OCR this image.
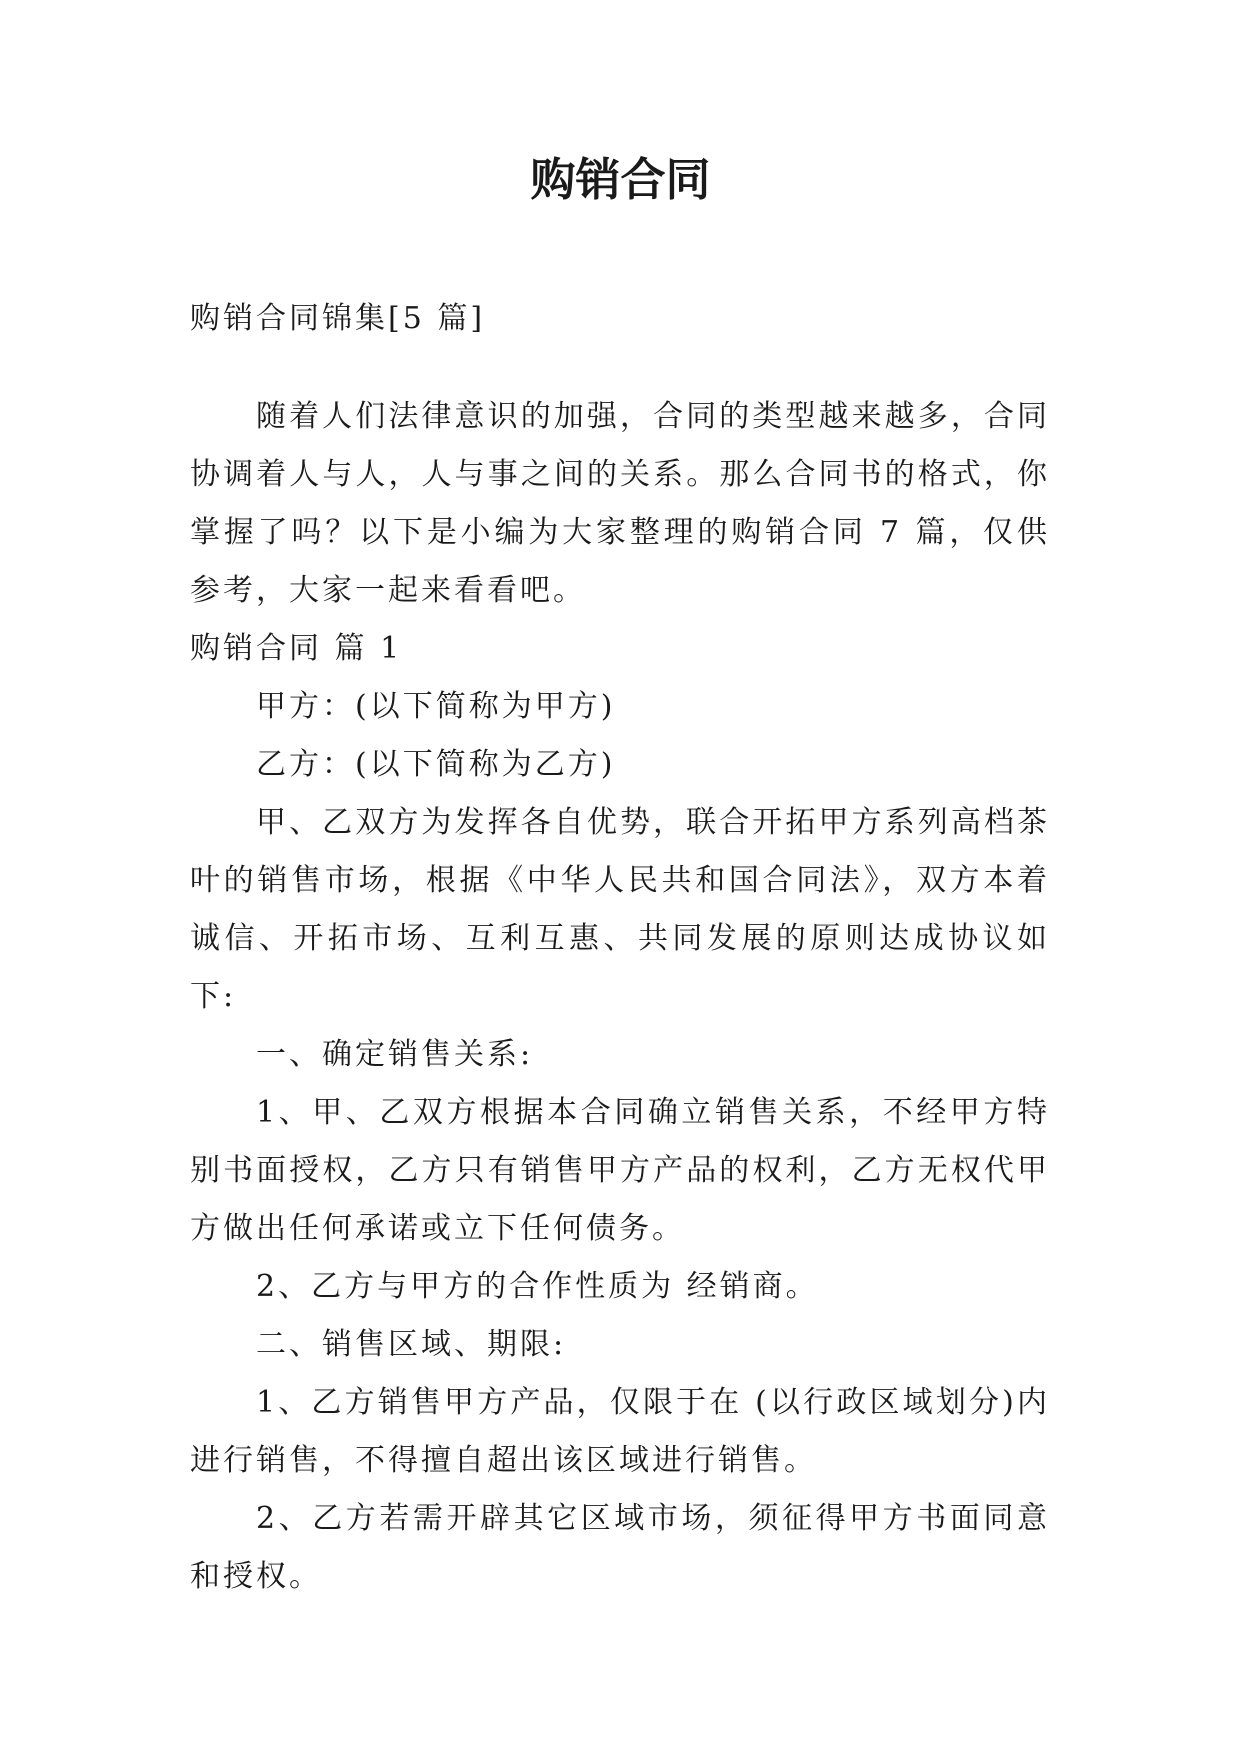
购销合同

购销合同锦集[5 篇]

随着人们法律意识的加强，合同的类型越来越多，合同协调着人与人，人与事之间的关系。那么合同书的格式，你掌握了吗？以下是小编为大家整理的购销合同 7 篇，仅供参考，大家一起来看看吧。

购销合同 篇 1

甲方：(以下简称为甲方)

乙方：(以下简称为乙方)

甲、乙双方为发挥各自优势，联合开拓甲方系列高档茶叶的销售市场，根据《中华人民共和国合同法》，双方本着诚信、开拓市场、互利互惠、共同发展的原则达成协议如下:

一、确定销售关系:

1、甲、乙双方根据本合同确立销售关系，不经甲方特别书面授权，乙方只有销售甲方产品的权利，乙方无权代甲方做出任何承诺或立下任何债务。

2、乙方与甲方的合作性质为 经销商。

二、销售区域、期限:

1、乙方销售甲方产品，仅限于在 (以行政区域划分)内进行销售，不得擅自超出该区域进行销售。

2、乙方若需开辟其它区域市场，须征得甲方书面同意和授权。
